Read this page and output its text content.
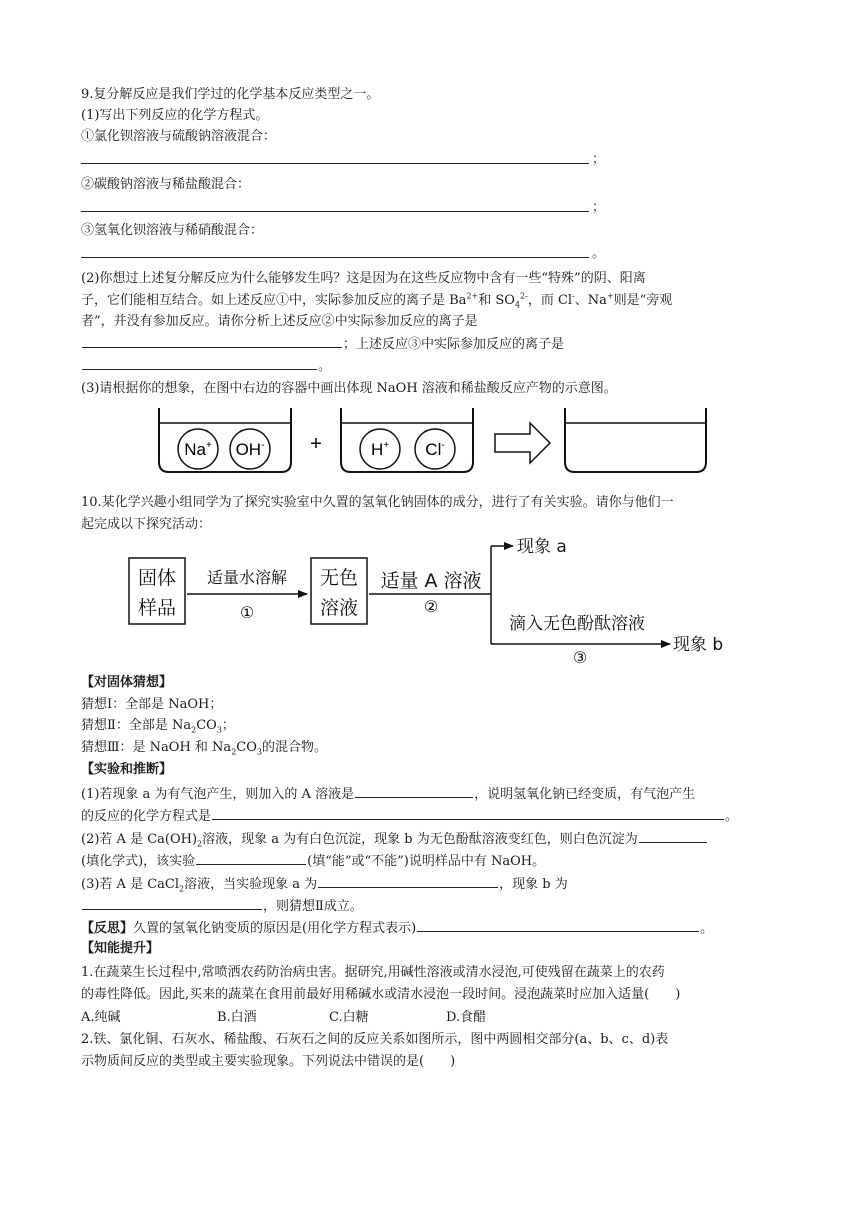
9.复分解反应是我们学过的化学基本反应类型之一。
(1)写出下列反应的化学方程式。
①氯化钡溶液与硫酸钠溶液混合：
；
②碳酸钠溶液与稀盐酸混合：
；
③氢氧化钡溶液与稀硝酸混合：
。
(2)你想过上述复分解反应为什么能够发生吗？这是因为在这些反应物中含有一些“特殊”的阴、阳离
子，它们能相互结合。如上述反应①中，实际参加反应的离子是 $Ba^{2+}$和 $SO_4^{2-}$，而 Cl-、Na+则是“旁观
者”，并没有参加反应。请你分析上述反应②中实际参加反应的离子是
；上述反应③中实际参加反应的离子是
。
(3)请根据你的想象，在图中右边的容器中画出体现 NaOH 溶液和稀盐酸反应产物的示意图。
Na+ OH- +	H+ Cl-
10.某化学兴趣小组同学为了探究实验室中久置的氢氧化钠固体的成分，进行了有关实验。请你与他们一
起完成以下探究活动：
固体
样品
适量水溶解
①
无色
溶液
适量 A 溶液
②
现象 a
滴入无色酚酞溶液
③
现象 b
【对固体猜想】
猜想Ⅰ：全部是 NaOH；
猜想Ⅱ：全部是 $Na_2CO_3$；
猜想Ⅲ：是 NaOH 和 $Na_2CO_3$的混合物。
【实验和推断】
(1)若现象 a 为有气泡产生，则加入的 A 溶液是	，说明氢氧化钠已经变质，有气泡产生
的反应的化学方程式是	。
(2)若 A 是 $Ca(OH)_2$溶液，现象 a 为有白色沉淀，现象 b 为无色酚酞溶液变红色，则白色沉淀为
(填化学式)，该实验	(填“能”或“不能”)说明样品中有 NaOH。
(3)若 A 是 CaCl$_2$溶液，当实验现象 a 为	，现象 b 为
，则猜想Ⅱ成立。
【反思】久置的氢氧化钠变质的原因是(用化学方程式表示)	。
【知能提升】
1.在蔬菜生长过程中,常喷洒农药防治病虫害。据研究,用碱性溶液或清水浸泡,可使残留在蔬菜上的农药
的毒性降低。因此,买来的蔬菜在食用前最好用稀碱水或清水浸泡一段时间。浸泡蔬菜时应加入适量(　　)
A.纯碱	B.白酒	C.白糖	D.食醋
2.铁、氯化铜、石灰水、稀盐酸、石灰石之间的反应关系如图所示，图中两圆相交部分(a、b、c、d)表
示物质间反应的类型或主要实验现象。下列说法中错误的是(　　)
